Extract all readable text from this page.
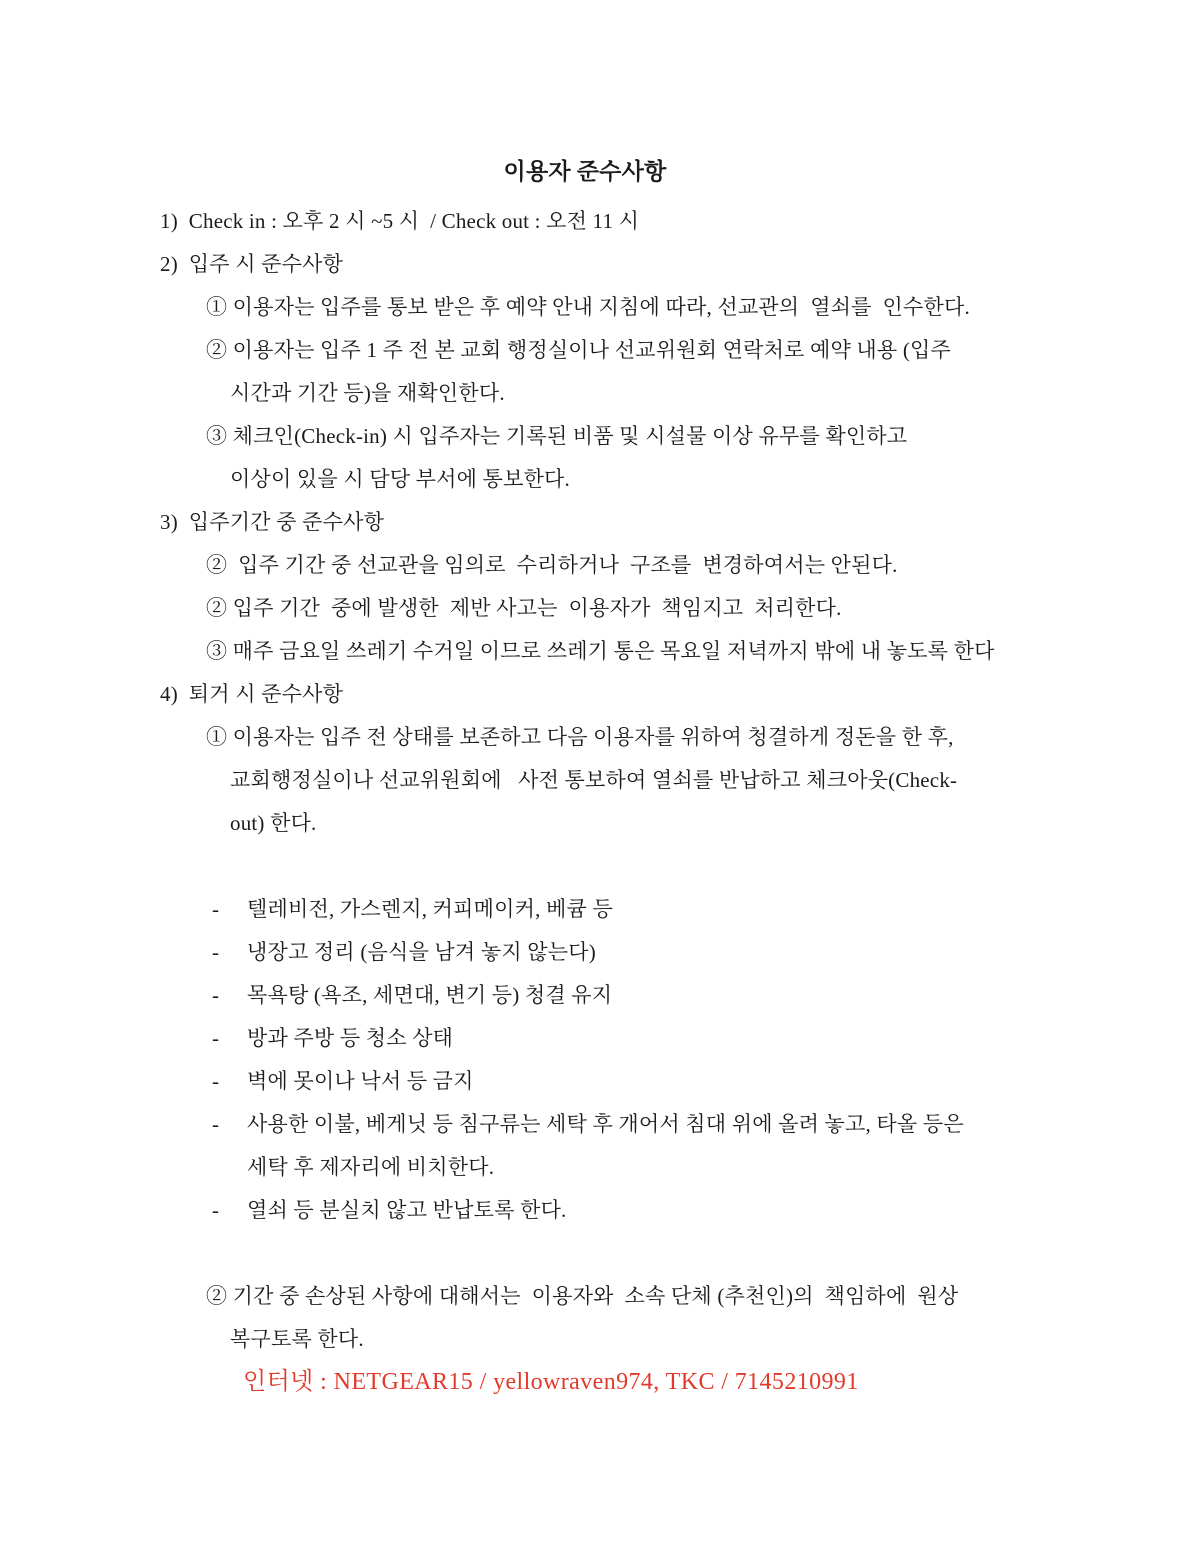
이용자 준수사항

1)  Check in : 오후 2 시 ~5 시  / Check out : 오전 11 시

2)  입주 시 준수사항

① 이용자는 입주를 통보 받은 후 예약 안내 지침에 따라, 선교관의  열쇠를  인수한다.

② 이용자는 입주 1 주 전 본 교회 행정실이나 선교위원회 연락처로 예약 내용 (입주

시간과 기간 등)을 재확인한다.

③ 체크인(Check-in) 시 입주자는 기록된 비품 및 시설물 이상 유무를 확인하고

이상이 있을 시 담당 부서에 통보한다.

3)  입주기간 중 준수사항

②  입주 기간 중 선교관을 임의로  수리하거나  구조를  변경하여서는 안된다.

② 입주 기간  중에 발생한  제반 사고는  이용자가  책임지고  처리한다.

③ 매주 금요일 쓰레기 수거일 이므로 쓰레기 통은 목요일 저녁까지 밖에 내 놓도록 한다

4)  퇴거 시 준수사항

① 이용자는 입주 전 상태를 보존하고 다음 이용자를 위하여 청결하게 정돈을 한 후,

교회행정실이나 선교위원회에   사전 통보하여 열쇠를 반납하고 체크아웃(Check-

out) 한다.

- 텔레비전, 가스렌지, 커피메이커, 베큠 등

- 냉장고 정리 (음식을 남겨 놓지 않는다)

- 목욕탕 (욕조, 세면대, 변기 등) 청결 유지

- 방과 주방 등 청소 상태

- 벽에 못이나 낙서 등 금지

- 사용한 이불, 베게닛 등 침구류는 세탁 후 개어서 침대 위에 올려 놓고, 타올 등은

세탁 후 제자리에 비치한다.

- 열쇠 등 분실치 않고 반납토록 한다.

② 기간 중 손상된 사항에 대해서는  이용자와  소속 단체 (추천인)의  책임하에  원상

복구토록 한다.

인터넷 : NETGEAR15 / yellowraven974, TKC / 7145210991
